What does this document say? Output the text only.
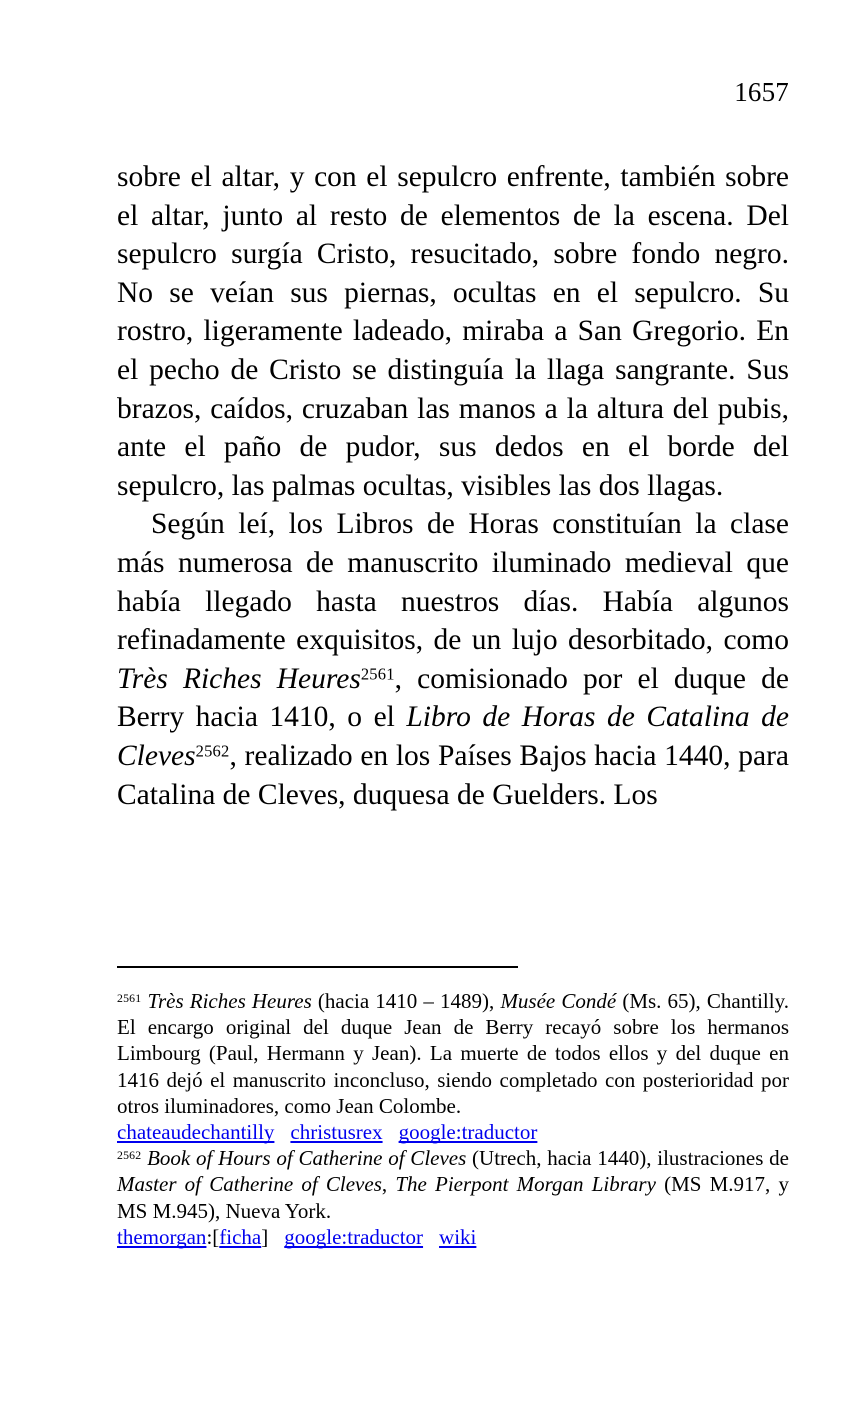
1657

sobre el altar, y con el sepulcro enfrente, también sobre el altar, junto al resto de elementos de la escena. Del sepulcro surgía Cristo, resucitado, sobre fondo negro. No se veían sus piernas, ocultas en el sepulcro. Su rostro, ligeramente ladeado, miraba a San Gregorio. En el pecho de Cristo se distinguía la llaga sangrante. Sus brazos, caídos, cruzaban las manos a la altura del pubis, ante el paño de pudor, sus dedos en el borde del sepulcro, las palmas ocultas, visibles las dos llagas.

Según leí, los Libros de Horas constituían la clase más numerosa de manuscrito iluminado medieval que había llegado hasta nuestros días. Había algunos refinadamente exquisitos, de un lujo desorbitado, como Très Riches Heures$^{2561}$, comisionado por el duque de Berry hacia 1410, o el Libro de Horas de Catalina de Cleves$^{2562}$, realizado en los Países Bajos hacia 1440, para Catalina de Cleves, duquesa de Guelders. Los

$^{2561}$ Très Riches Heures (hacia 1410 – 1489), Musée Condé (Ms. 65), Chantilly. El encargo original del duque Jean de Berry recayó sobre los hermanos Limbourg (Paul, Hermann y Jean). La muerte de todos ellos y del duque en 1416 dejó el manuscrito inconcluso, siendo completado con posterioridad por otros iluminadores, como Jean Colombe.

chateaudechantilly christusrex google:traductor

$^{2562}$ Book of Hours of Catherine of Cleves (Utrech, hacia 1440), ilustraciones de Master of Catherine of Cleves, The Pierpont Morgan Library (MS M.917, y MS M.945), Nueva York.

themorgan:[ficha] google:traductor wiki
